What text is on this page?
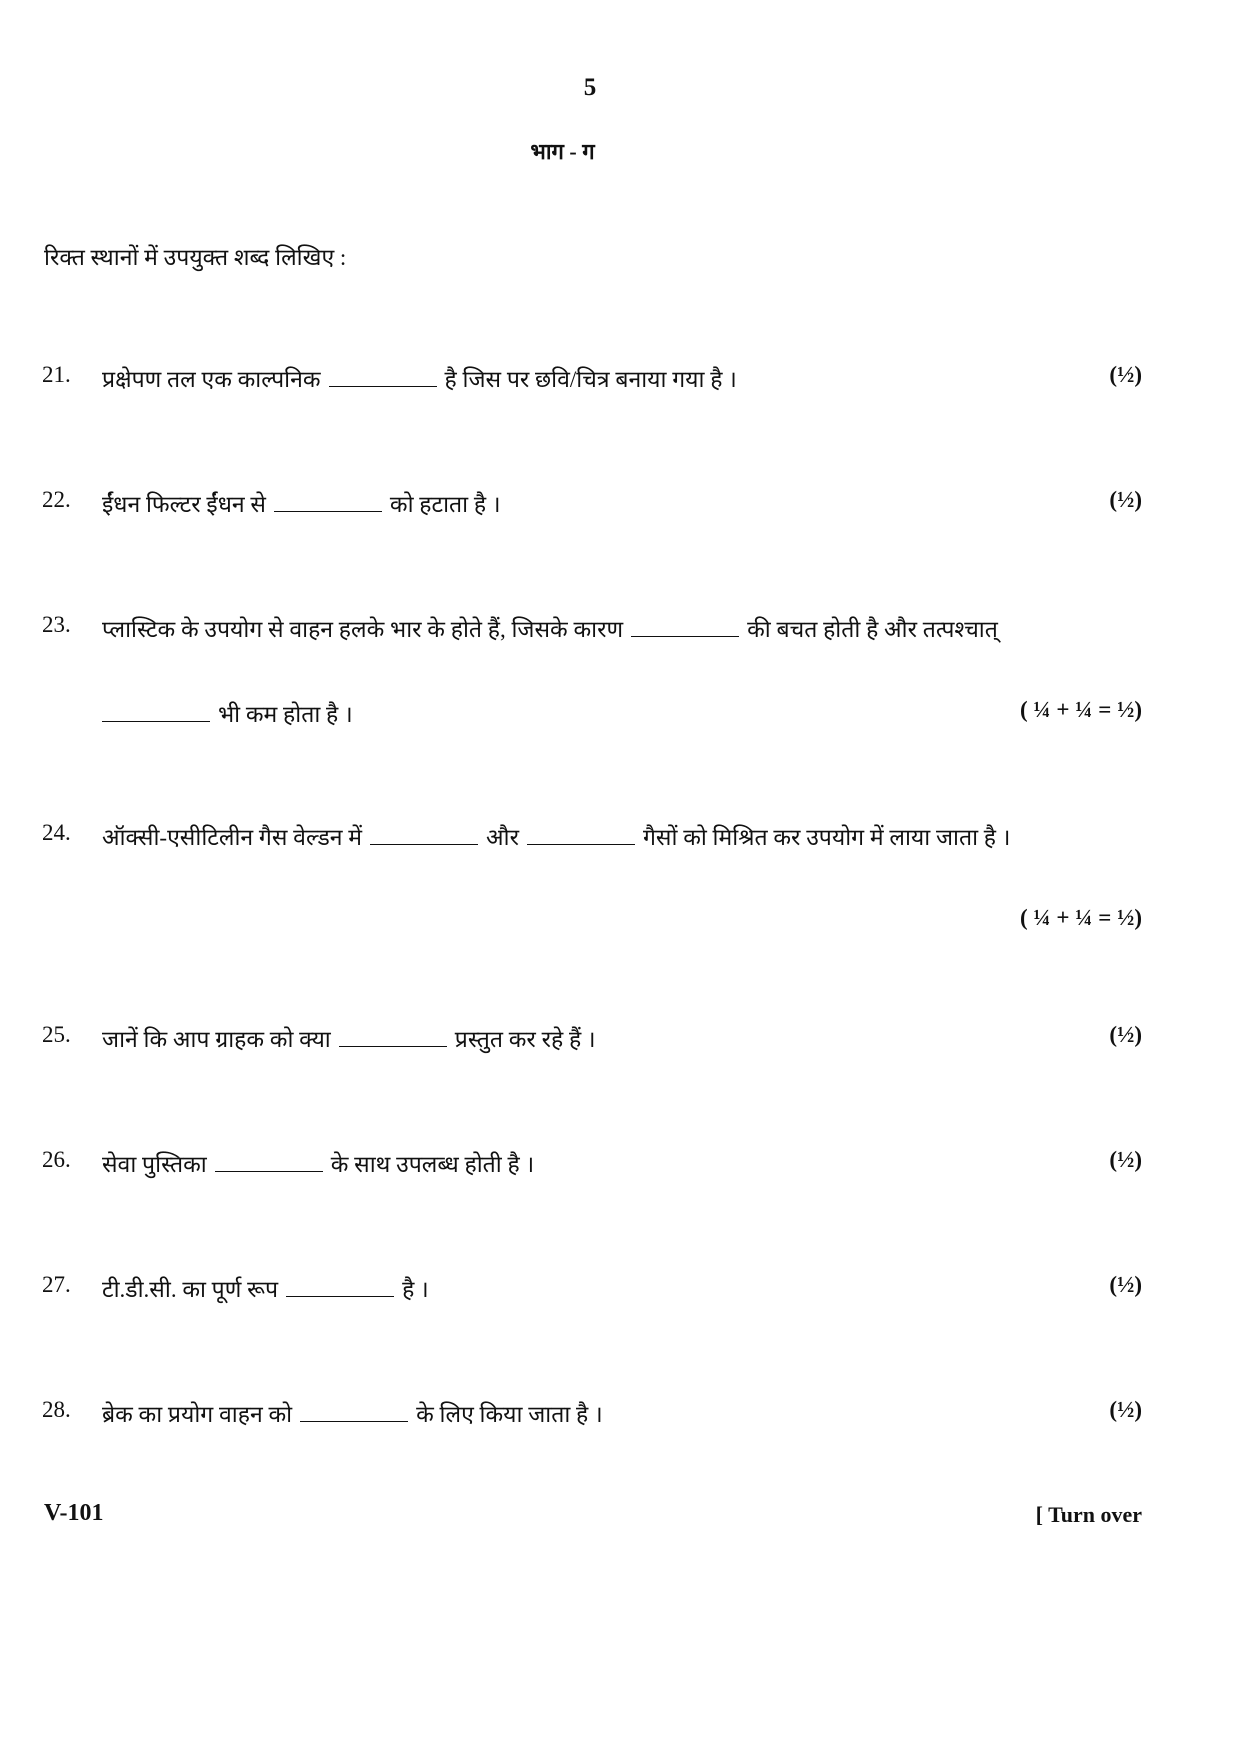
5
भाग - ग
रिक्त स्थानों में उपयुक्त शब्द लिखिए :
21. प्रक्षेपण तल एक काल्पनिक	है जिस पर छवि/चित्र बनाया गया है ।	(½)
22. ईंधन फिल्टर ईंधन से	को हटाता है ।	(½)
23. प्लास्टिक के उपयोग से वाहन हलके भार के होते हैं, जिसके कारण	की बचत होती है और तत्पश्चात्
भी कम होता है ।	( ¼ + ¼ = ½)
24. ऑक्सी-एसीटिलीन गैस वेल्डन में	और	गैसों को मिश्रित कर उपयोग में लाया जाता है ।
( ¼ + ¼ = ½)
25. जानें कि आप ग्राहक को क्या	प्रस्तुत कर रहे हैं ।	(½)
26. सेवा पुस्तिका	के साथ उपलब्ध होती है ।	(½)
27. टी.डी.सी. का पूर्ण रूप	है ।	(½)
28. ब्रेक का प्रयोग वाहन को	के लिए किया जाता है ।	(½)
V-101	[ Turn over
